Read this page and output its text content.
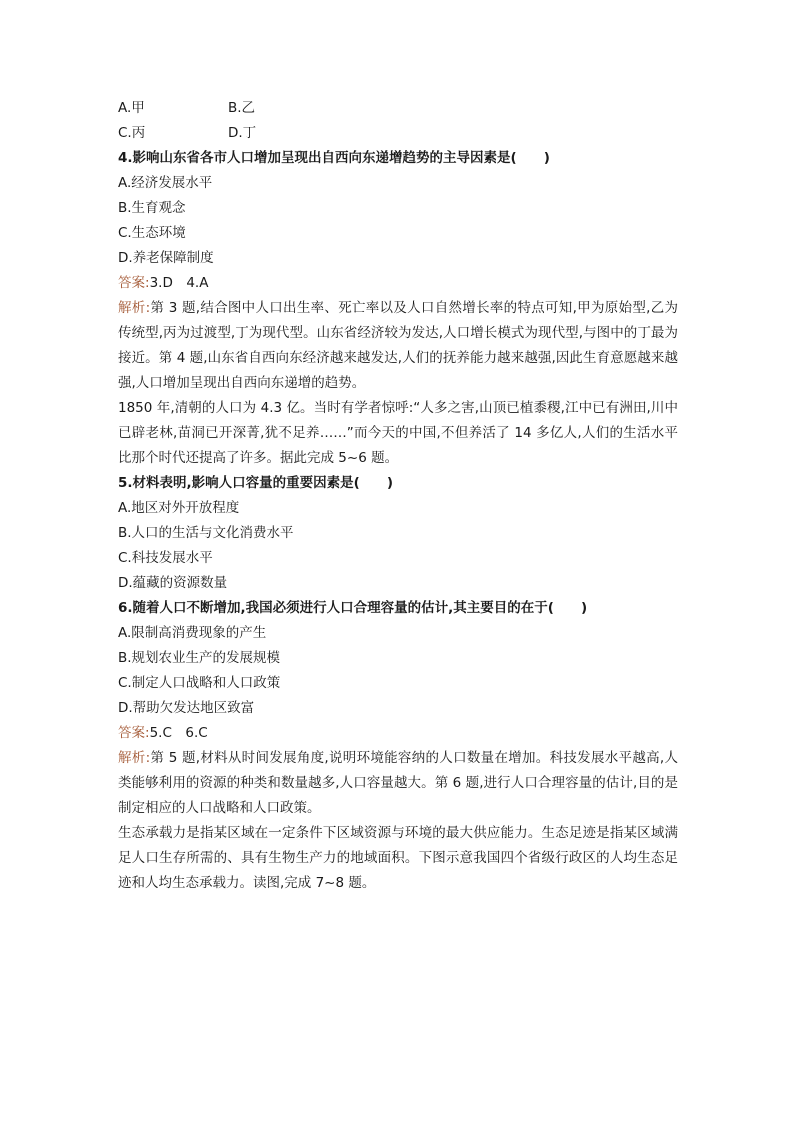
A.甲	B.乙
C.丙	D.丁
4.影响山东省各市人口增加呈现出自西向东递增趋势的主导因素是(　　)
A.经济发展水平
B.生育观念
C.生态环境
D.养老保障制度
答案:3.D　4.A
解析:第 3 题,结合图中人口出生率、死亡率以及人口自然增长率的特点可知,甲为原始型,乙为传统型,丙为过渡型,丁为现代型。山东省经济较为发达,人口增长模式为现代型,与图中的丁最为接近。第 4 题,山东省自西向东经济越来越发达,人们的抚养能力越来越强,因此生育意愿越来越强,人口增加呈现出自西向东递增的趋势。
1850 年,清朝的人口为 4.3 亿。当时有学者惊呼:“人多之害,山顶已植黍稷,江中已有洲田,川中已辟老林,苗洞已开深菁,犹不足养……”而今天的中国,不但养活了 14 多亿人,人们的生活水平比那个时代还提高了许多。据此完成 5~6 题。
5.材料表明,影响人口容量的重要因素是(　　)
A.地区对外开放程度
B.人口的生活与文化消费水平
C.科技发展水平
D.蕴藏的资源数量
6.随着人口不断增加,我国必须进行人口合理容量的估计,其主要目的在于(　　)
A.限制高消费现象的产生
B.规划农业生产的发展规模
C.制定人口战略和人口政策
D.帮助欠发达地区致富
答案:5.C　6.C
解析:第 5 题,材料从时间发展角度,说明环境能容纳的人口数量在增加。科技发展水平越高,人类能够利用的资源的种类和数量越多,人口容量越大。第 6 题,进行人口合理容量的估计,目的是制定相应的人口战略和人口政策。
生态承载力是指某区域在一定条件下区域资源与环境的最大供应能力。生态足迹是指某区域满足人口生存所需的、具有生物生产力的地域面积。下图示意我国四个省级行政区的人均生态足迹和人均生态承载力。读图,完成 7~8 题。
